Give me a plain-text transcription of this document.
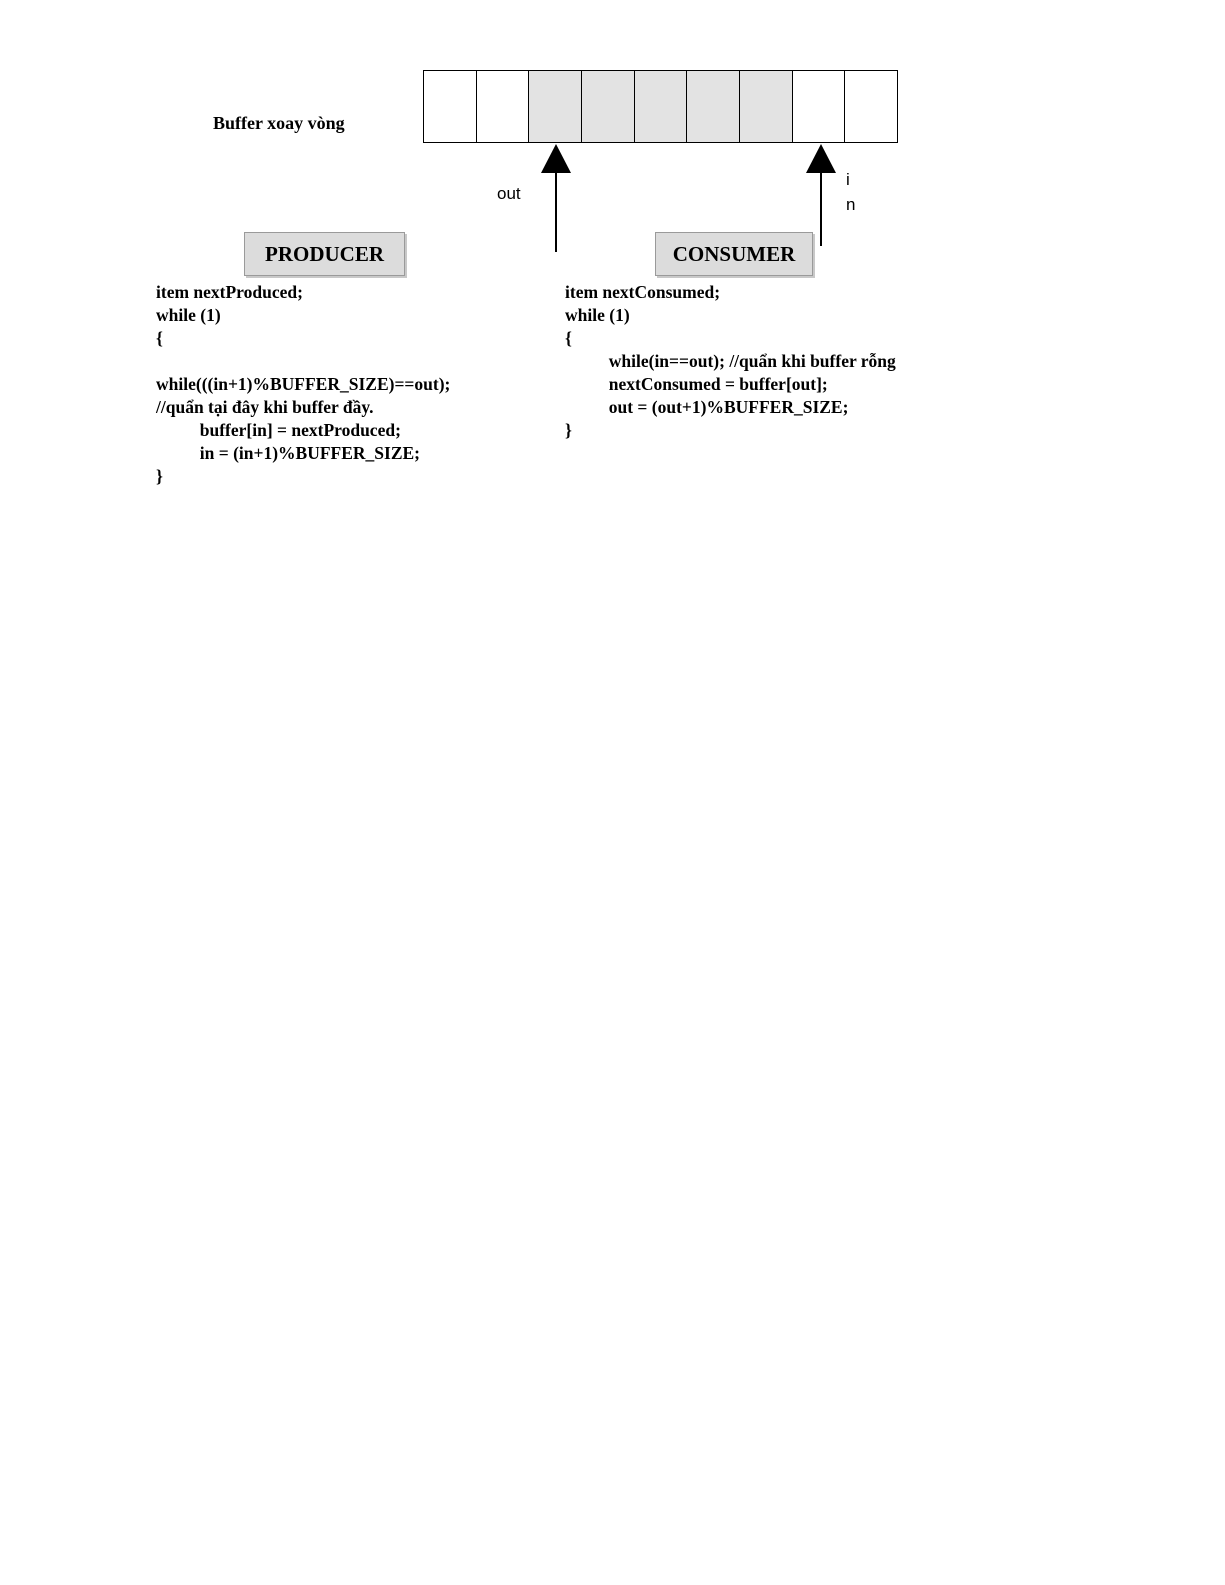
Buffer xoay vòng
out
i
n
PRODUCER	CONSUMER
item nextProduced;
while (1)
{
while(((in+1)%BUFFER_SIZE)==out);
//quẩn tại đây khi buffer đầy.
buffer[in] = nextProduced;
in = (in+1)%BUFFER_SIZE;
}
item nextConsumed;
while (1)
{
while(in==out); //quẩn khi buffer rỗng
nextConsumed = buffer[out];
out = (out+1)%BUFFER_SIZE;
}
